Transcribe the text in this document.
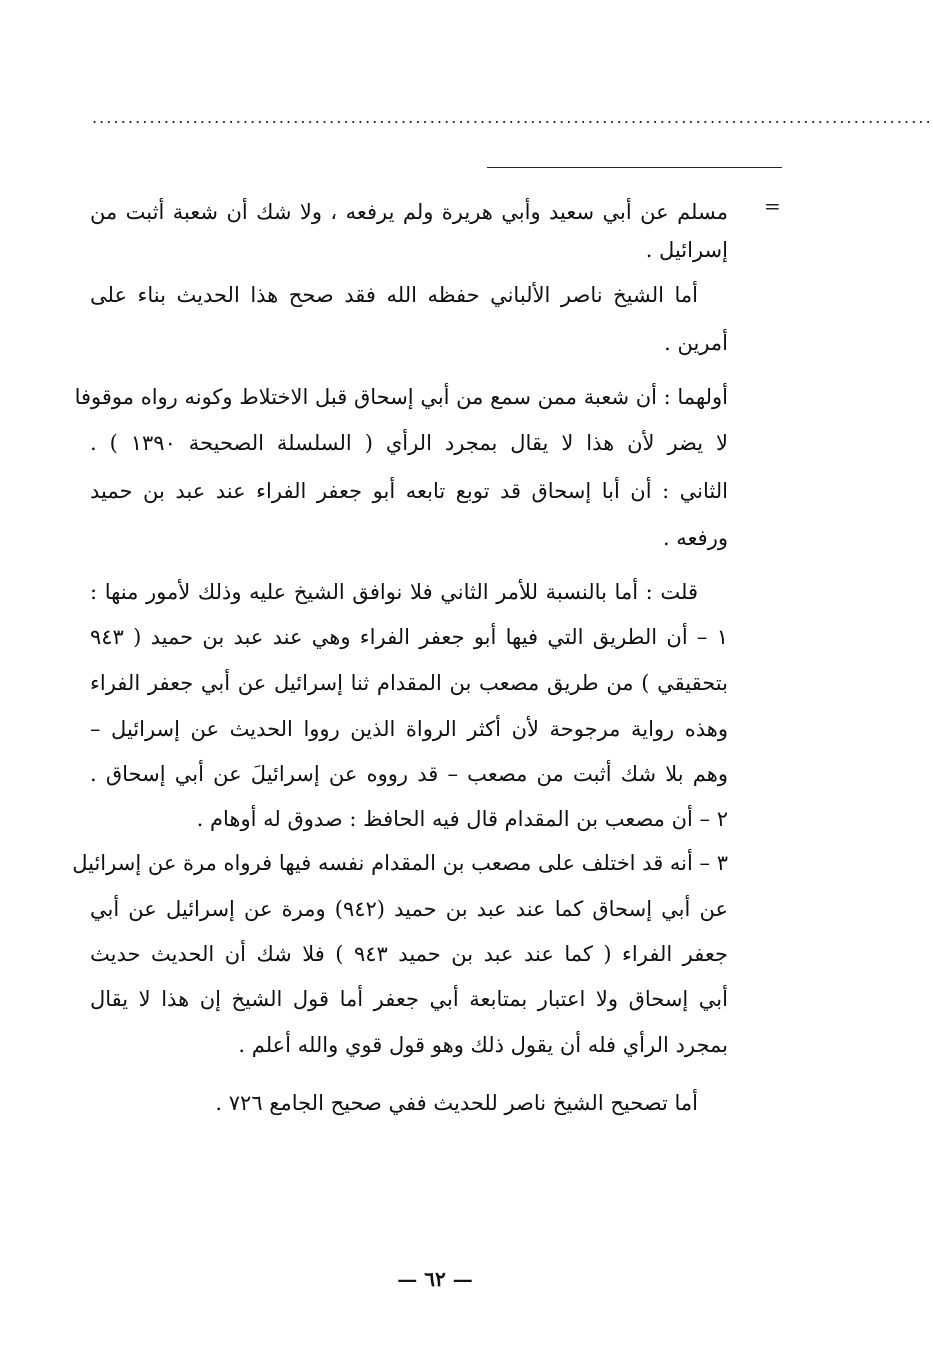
.....................................................................................................................
=
مسلم عن أبي سعيد وأبي هريرة ولم يرفعه ، ولا شك أن شعبة أثبت من
إسرائيل .
أما الشيخ ناصر الألباني حفظه الله فقد صحح هذا الحديث بناء على
أمرين .
أولهما : أن شعبة ممن سمع من أبي إسحاق قبل الاختلاط وكونه رواه موقوفا
لا يضر لأن هذا لا يقال بمجرد الرأي ( السلسلة الصحيحة ١٣٩٠ ) .
الثاني : أن أبا إسحاق قد توبع تابعه أبو جعفر الفراء عند عبد بن حميد
ورفعه .
قلت : أما بالنسبة للأمر الثاني فلا نوافق الشيخ عليه وذلك لأمور منها :
١ – أن الطريق التي فيها أبو جعفر الفراء وهي عند عبد بن حميد ( ٩٤٣
بتحقيقي ) من طريق مصعب بن المقدام ثنا إسرائيل عن أبي جعفر الفراء
وهذه رواية مرجوحة لأن أكثر الرواة الذين رووا الحديث عن إسرائيل –
وهم بلا شك أثبت من مصعب – قد رووه عن إسرائيلَ عن أبي إسحاق .
٢ – أن مصعب بن المقدام قال فيه الحافظ : صدوق له أوهام .
٣ – أنه قد اختلف على مصعب بن المقدام نفسه فيها فرواه مرة عن إسرائيل
عن أبي إسحاق كما عند عبد بن حميد (٩٤٢) ومرة عن إسرائيل عن أبي
جعفر الفراء ( كما عند عبد بن حميد ٩٤٣ ) فلا شك أن الحديث حديث
أبي إسحاق ولا اعتبار بمتابعة أبي جعفر أما قول الشيخ إن هذا لا يقال
بمجرد الرأي فله أن يقول ذلك وهو قول قوي والله أعلم .
أما تصحيح الشيخ ناصر للحديث ففي صحيح الجامع ٧٢٦ .
— ٦٢ —
